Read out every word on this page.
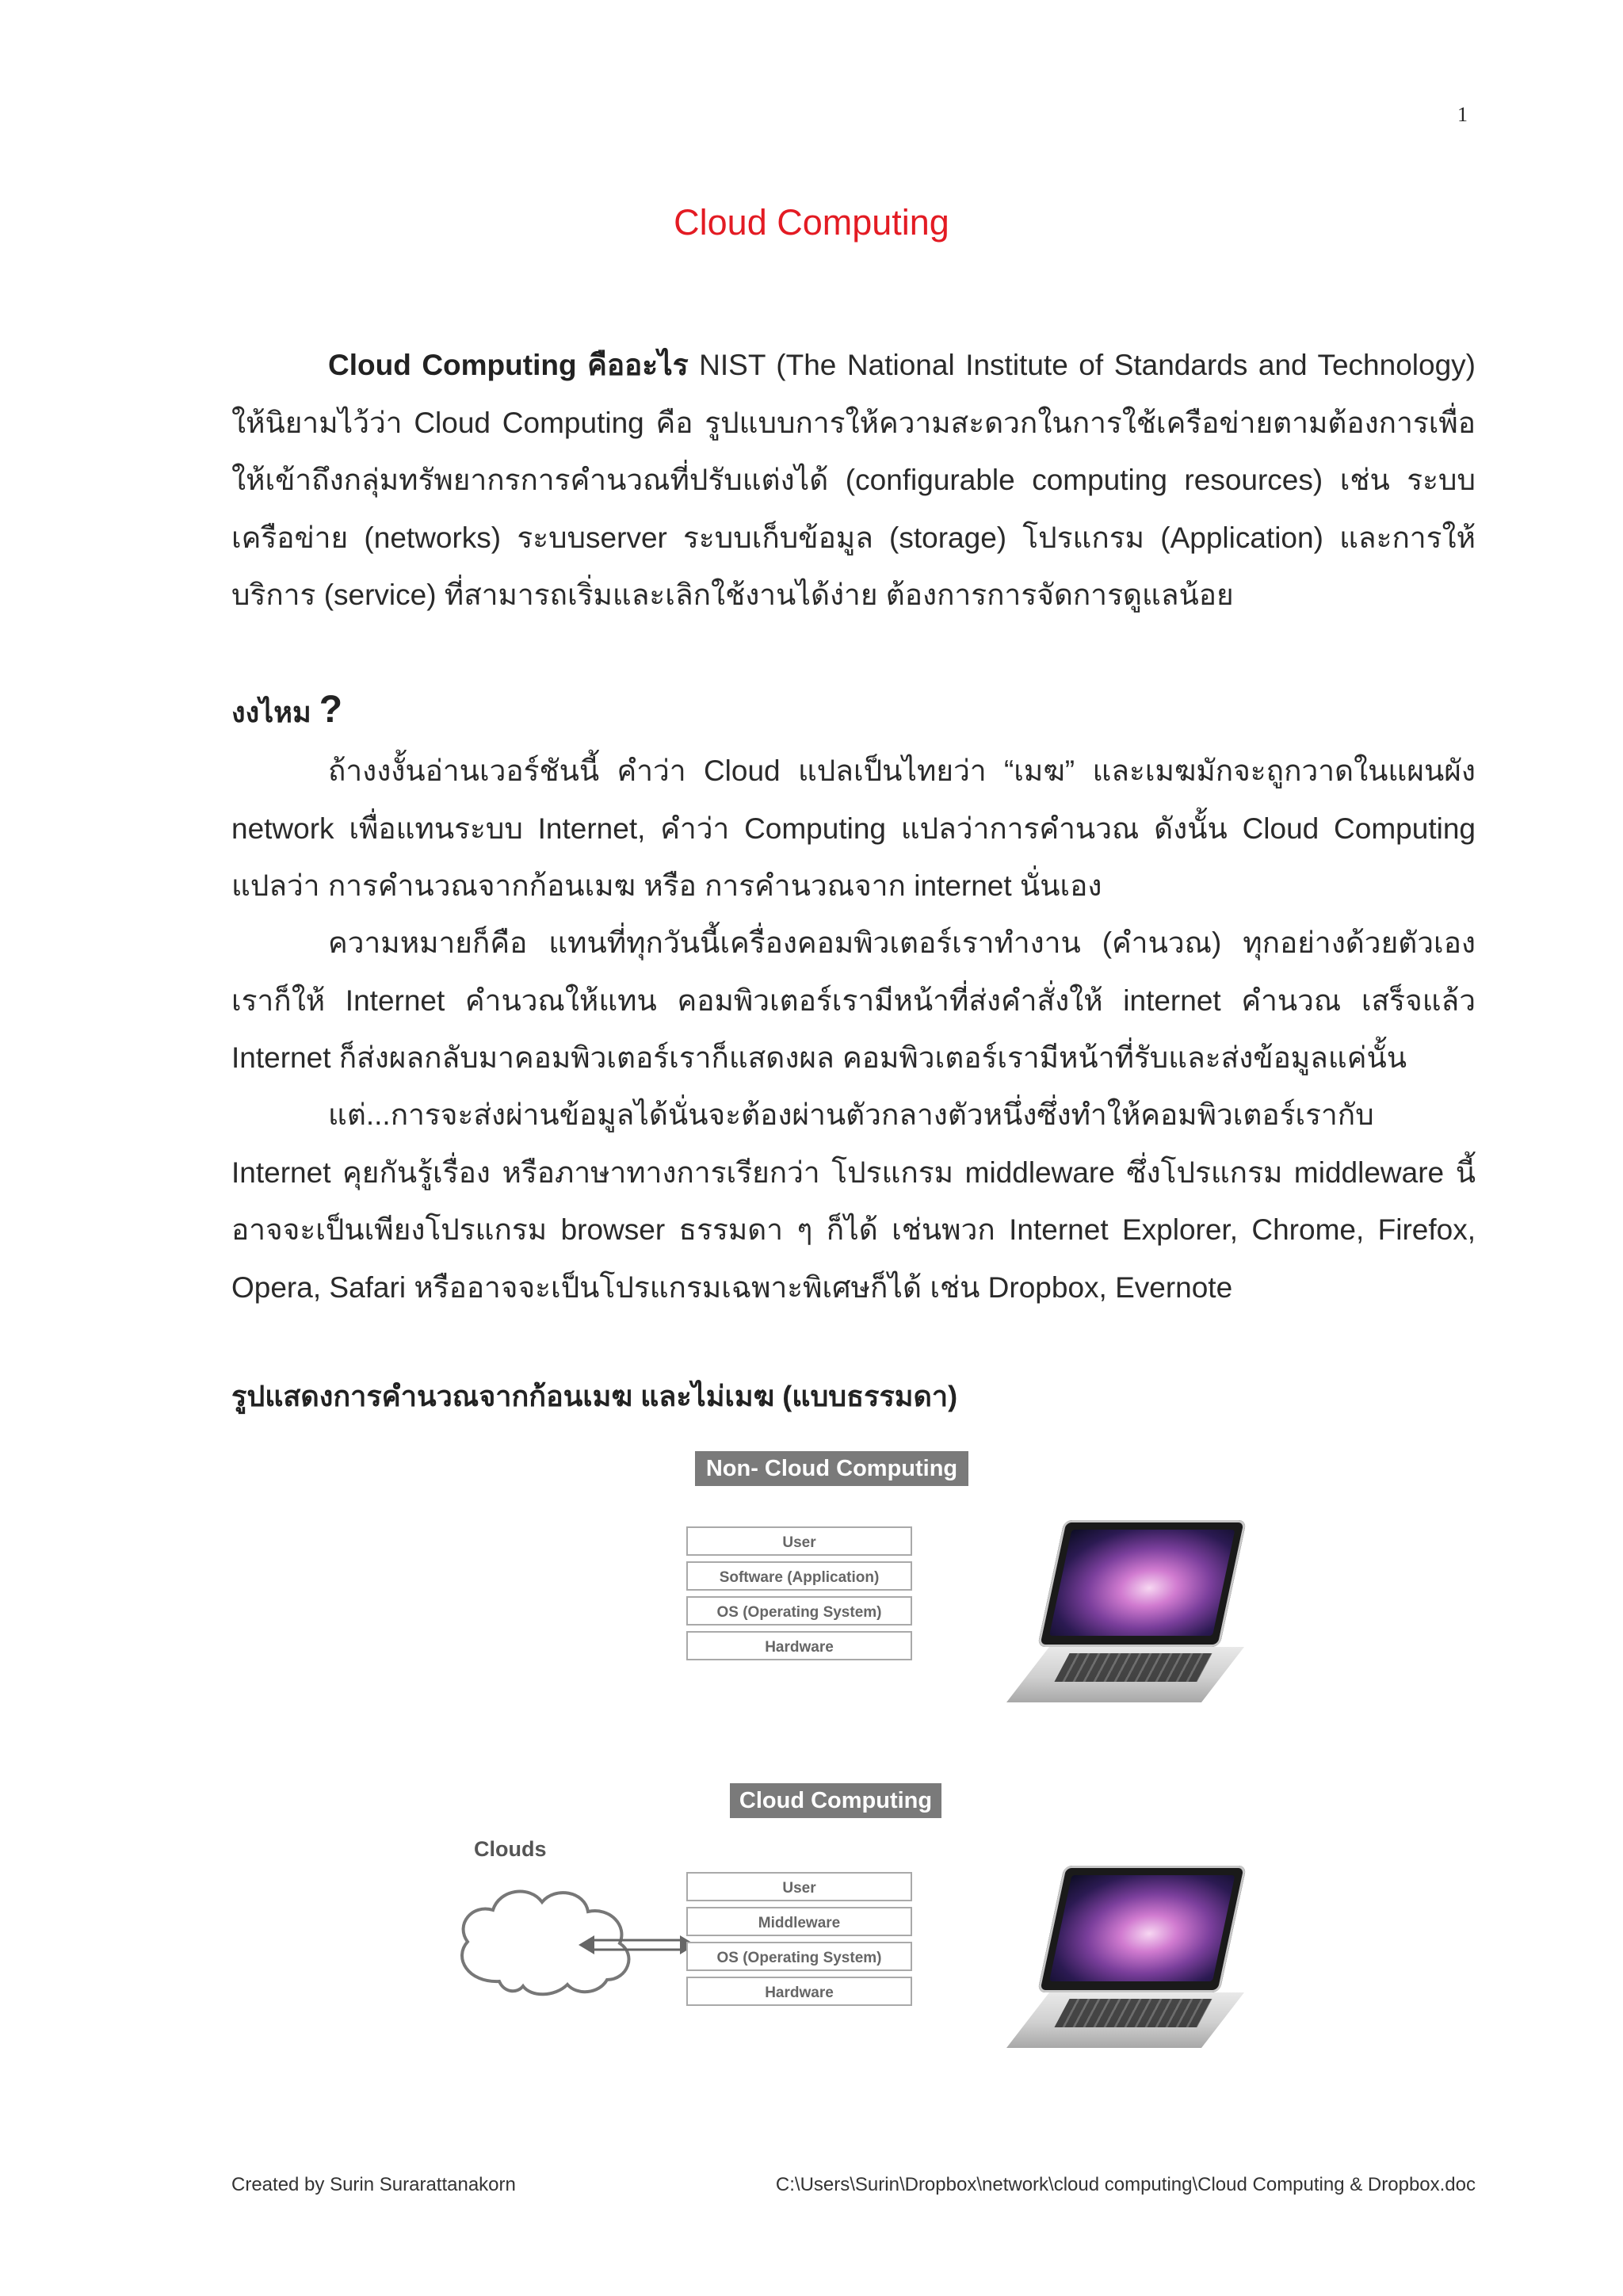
1
Cloud Computing

Cloud Computing คืออะไร NIST (The National Institute of Standards and Technology) ให้นิยามไว้ว่า Cloud Computing คือ รูปแบบการให้ความสะดวกในการใช้เครือข่ายตามต้องการเพื่อให้เข้าถึงกลุ่มทรัพยากรการคำนวณที่ปรับแต่งได้ (configurable computing resources) เช่น ระบบเครือข่าย (networks) ระบบserver ระบบเก็บข้อมูล (storage) โปรแกรม (Application) และการให้บริการ (service) ที่สามารถเริ่มและเลิกใช้งานได้ง่าย ต้องการการจัดการดูแลน้อย

งงไหม ?

ถ้างงงั้นอ่านเวอร์ชันนี้ คำว่า Cloud แปลเป็นไทยว่า “เมฆ” และเมฆมักจะถูกวาดในแผนผัง network เพื่อแทนระบบ Internet, คำว่า Computing แปลว่าการคำนวณ ดังนั้น Cloud Computing แปลว่า การคำนวณจากก้อนเมฆ หรือ การคำนวณจาก internet นั่นเอง

ความหมายก็คือ แทนที่ทุกวันนี้เครื่องคอมพิวเตอร์เราทำงาน (คำนวณ) ทุกอย่างด้วยตัวเอง เราก็ให้ Internet คำนวณให้แทน คอมพิวเตอร์เรามีหน้าที่ส่งคำสั่งให้ internet คำนวณ เสร็จแล้ว Internet ก็ส่งผลกลับมาคอมพิวเตอร์เราก็แสดงผล คอมพิวเตอร์เรามีหน้าที่รับและส่งข้อมูลแค่นั้น

แต่...การจะส่งผ่านข้อมูลได้นั่นจะต้องผ่านตัวกลางตัวหนึ่งซึ่งทำให้คอมพิวเตอร์เรากับ Internet คุยกันรู้เรื่อง หรือภาษาทางการเรียกว่า โปรแกรม middleware ซึ่งโปรแกรม middleware นี้อาจจะเป็นเพียงโปรแกรม browser ธรรมดา ๆ ก็ได้ เช่นพวก Internet Explorer, Chrome, Firefox, Opera, Safari หรืออาจจะเป็นโปรแกรมเฉพาะพิเศษก็ได้ เช่น Dropbox, Evernote

รูปแสดงการคำนวณจากก้อนเมฆ และไม่เมฆ (แบบธรรมดา)
Non- Cloud Computing
User
Software (Application)
OS (Operating System)
Hardware
Cloud Computing
Clouds
User
Middleware
OS (Operating System)
Hardware
Created by Surin Surarattanakorn	C:\Users\Surin\Dropbox\network\cloud computing\Cloud Computing & Dropbox.doc
